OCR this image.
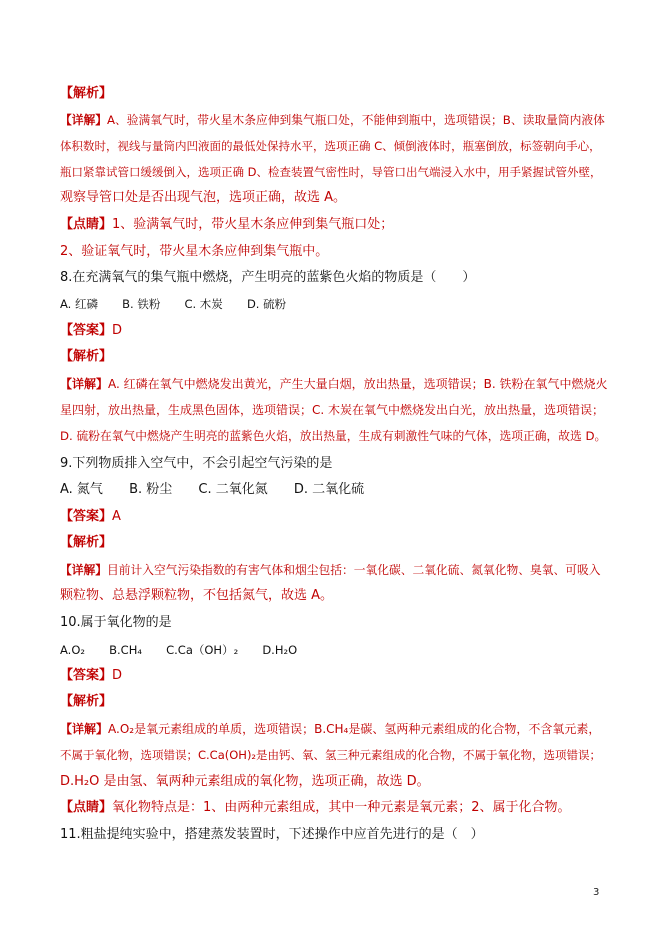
【解析】
【详解】A、验满氧气时，带火星木条应伸到集气瓶口处，不能伸到瓶中，选项错误；B、读取量筒内液体
体积数时，视线与量筒内凹液面的最低处保持水平，选项正确 C、倾倒液体时，瓶塞倒放，标签朝向手心，
瓶口紧靠试管口缓缓倒入，选项正确 D、检查装置气密性时，导管口出气端浸入水中，用手紧握试管外壁，
观察导管口处是否出现气泡，选项正确，故选 A。
【点睛】1、验满氧气时，带火星木条应伸到集气瓶口处；
2、验证氧气时，带火星木条应伸到集气瓶中。
8.在充满氧气的集气瓶中燃烧，产生明亮的蓝紫色火焰的物质是（　　）
A. 红磷 B. 铁粉 C. 木炭 D. 硫粉
【答案】D
【解析】
【详解】A. 红磷在氧气中燃烧发出黄光，产生大量白烟，放出热量，选项错误；B. 铁粉在氧气中燃烧火
星四射，放出热量，生成黑色固体，选项错误；C. 木炭在氧气中燃烧发出白光，放出热量，选项错误；
D. 硫粉在氧气中燃烧产生明亮的蓝紫色火焰，放出热量，生成有刺激性气味的气体，选项正确，故选 D。
9.下列物质排入空气中，不会引起空气污染的是
A. 氮气 B. 粉尘 C. 二氧化氮 D. 二氧化硫
【答案】A
【解析】
【详解】目前计入空气污染指数的有害气体和烟尘包括：一氧化碳、二氧化硫、氮氧化物、臭氧、可吸入
颗粒物、总悬浮颗粒物，不包括氮气，故选 A。
10.属于氧化物的是
A.O₂ B.CH₄ C.Ca（OH）₂ D.H₂O
【答案】D
【解析】
【详解】A.O₂是氧元素组成的单质，选项错误；B.CH₄是碳、氢两种元素组成的化合物，不含氧元素，
不属于氧化物，选项错误；C.Ca(OH)₂是由钙、氧、氢三种元素组成的化合物，不属于氧化物，选项错误；
D.H₂O 是由氢、氧两种元素组成的氧化物，选项正确，故选 D。
【点睛】氧化物特点是：1、由两种元素组成，其中一种元素是氧元素；2、属于化合物。
11.粗盐提纯实验中，搭建蒸发装置时，下述操作中应首先进行的是（　）
3
